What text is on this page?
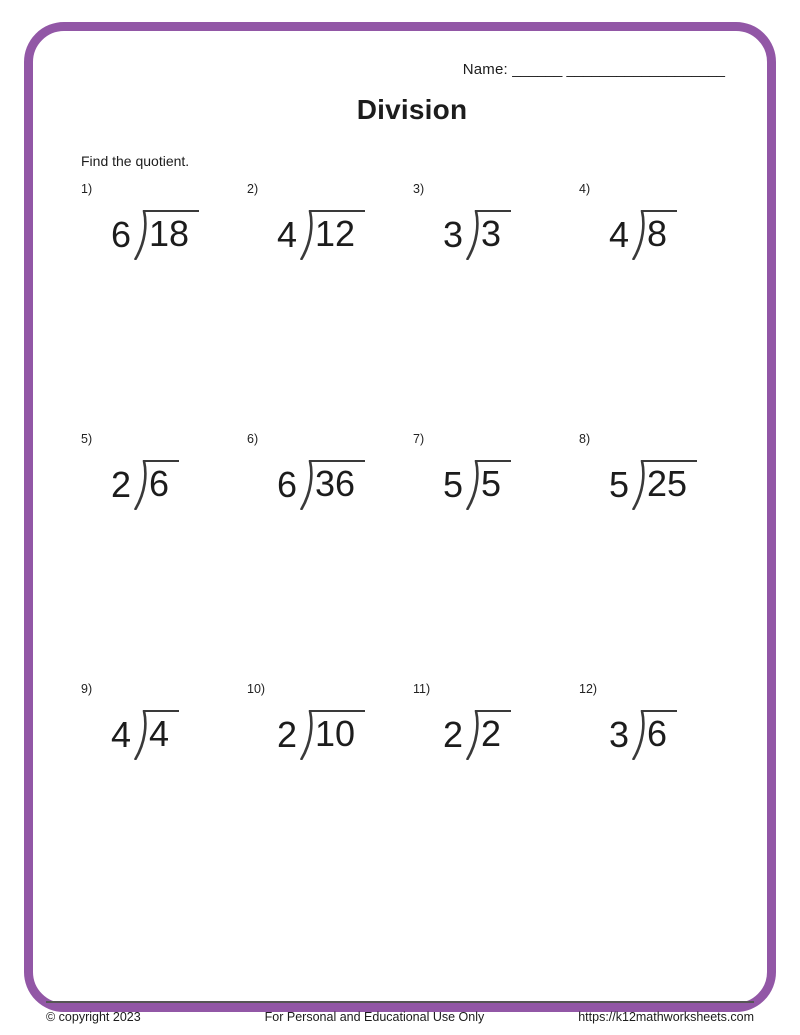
Name: ______ ___________________
Division
Find the quotient.
1)
6 18
2)
4 12
3)
3 3
4)
4 8
5)
2 6
6)
6 36
7)
5 5
8)
5 25
9)
4 4
10)
2 10
11)
2 2
12)
3 6
© copyright 2023	For Personal and Educational Use Only	https://k12mathworksheets.com
